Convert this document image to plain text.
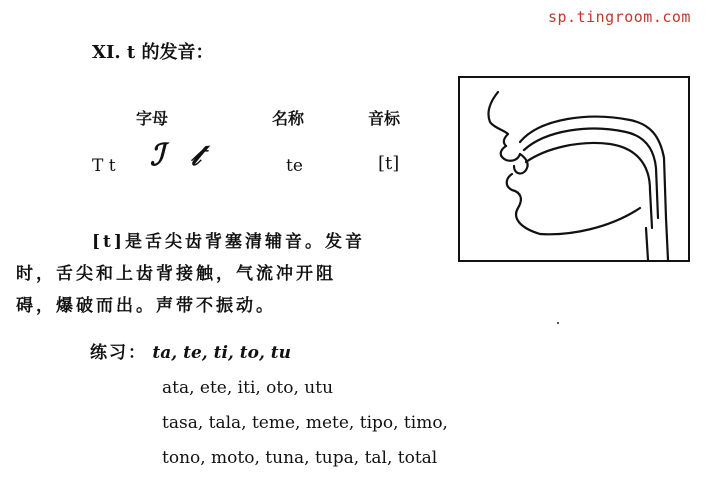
sp.tingroom.com
XI. t 的发音：
字母	名称	音标
T t ℐ 𝓉	te	[t]
[t]是舌尖齿背塞清辅音。发音
时，舌尖和上齿背接触，气流冲开阻
碍，爆破而出。声带不振动。
练习： ta, te, ti, to, tu
ata, ete, iti, oto, utu
tasa, tala, teme, mete, tipo, timo,
tono, moto, tuna, tupa, tal, total
